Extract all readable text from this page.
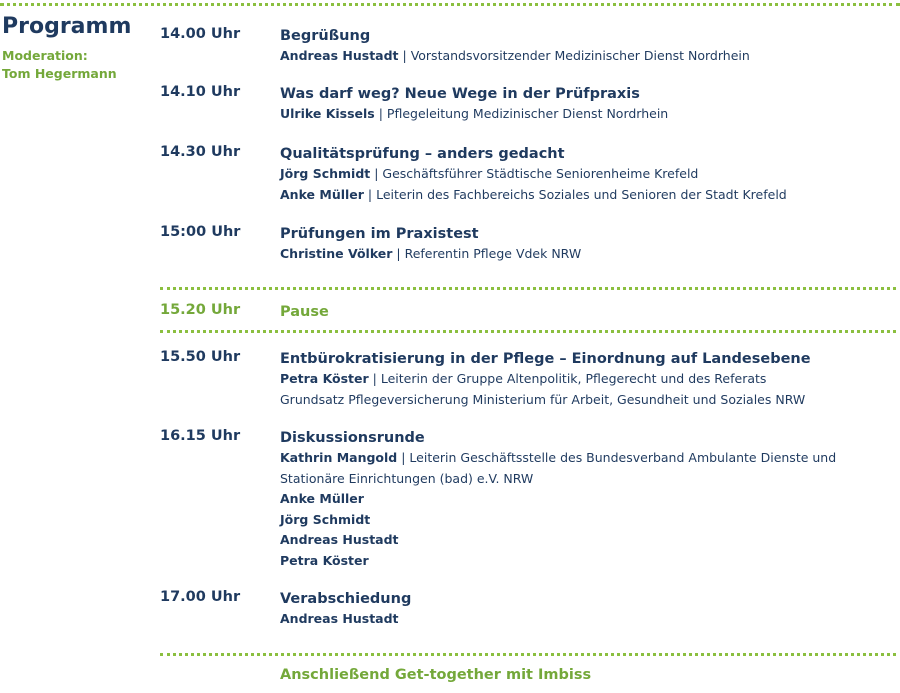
Programm
Moderation:
Tom Hegermann
14.00 Uhr	Begrüßung
Andreas Hustadt | Vorstandsvorsitzender Medizinischer Dienst Nordrhein
14.10 Uhr	Was darf weg? Neue Wege in der Prüfpraxis
Ulrike Kissels | Pflegeleitung Medizinischer Dienst Nordrhein
14.30 Uhr	Qualitätsprüfung – anders gedacht
Jörg Schmidt | Geschäftsführer Städtische Seniorenheime Krefeld
Anke Müller | Leiterin des Fachbereichs Soziales und Senioren der Stadt Krefeld
15:00 Uhr	Prüfungen im Praxistest
Christine Völker | Referentin Pflege Vdek NRW
15.20 Uhr	Pause
15.50 Uhr	Entbürokratisierung in der Pflege – Einordnung auf Landesebene
Petra Köster | Leiterin der Gruppe Altenpolitik, Pflegerecht und des Referats
Grundsatz Pflegeversicherung Ministerium für Arbeit, Gesundheit und Soziales NRW
16.15 Uhr	Diskussionsrunde
Kathrin Mangold | Leiterin Geschäftsstelle des Bundesverband Ambulante Dienste und
Stationäre Einrichtungen (bad) e.V. NRW
Anke Müller
Jörg Schmidt
Andreas Hustadt
Petra Köster
17.00 Uhr	Verabschiedung
Andreas Hustadt
Anschließend Get-together mit Imbiss
